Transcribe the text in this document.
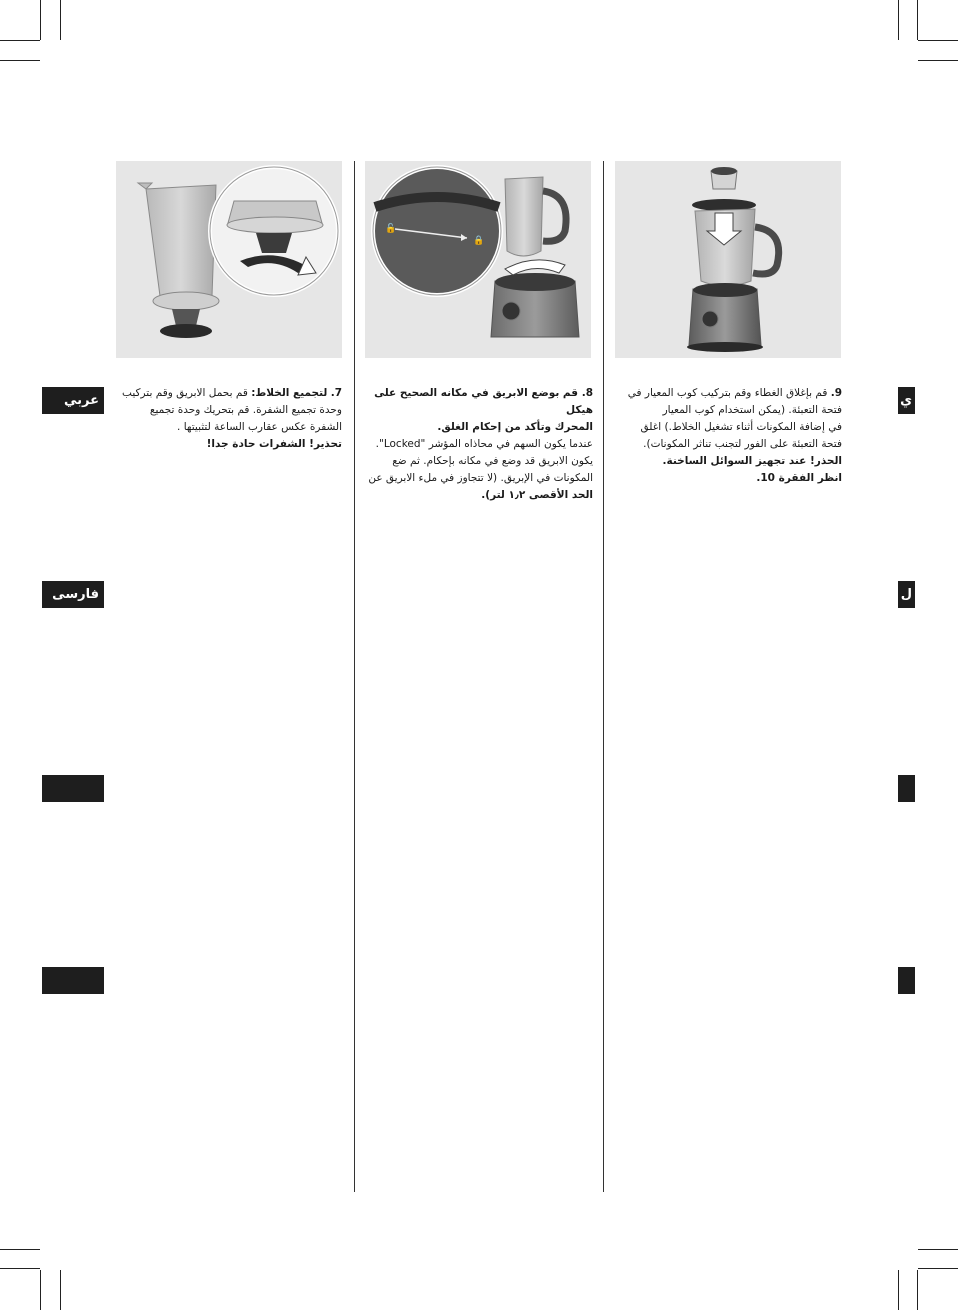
عربي
فارسی
ي
ل
🔓
🔒
7. لتجميع الخلاط: قم بحمل الابريق وقم بتركيب
وحدة تجميع الشفرة. قم بتحريك وحدة تجميع
الشفرة عكس عقارب الساعة لتثبيتها .
تحذير! الشفرات حادة جدا!
8. قم بوضع الابريق في مكانه الصحيح على هيكل
المحرك وتأكد من إحكام الغلق.
عندما يكون السهم في محاذاه المؤشر "Locked".
يكون الابريق قد وضع في مكانه بإحكام. ثم ضع
المكونات في الإبريق. (لا تتجاوز في ملء الابريق عن
الحد الأقصى ١٫٢ لتر).
9. قم بإغلاق الغطاء وقم بتركيب كوب المعيار في
فتحة التعبئة. (يمكن استخدام كوب المعيار
في إضافة المكونات أثناء تشغيل الخلاط.) اغلق
فتحة التعبئة على الفور لتجنب تناثر المكونات).
الحذر! عند تجهيز السوائل الساخنة.
انظر الفقرة 10.
